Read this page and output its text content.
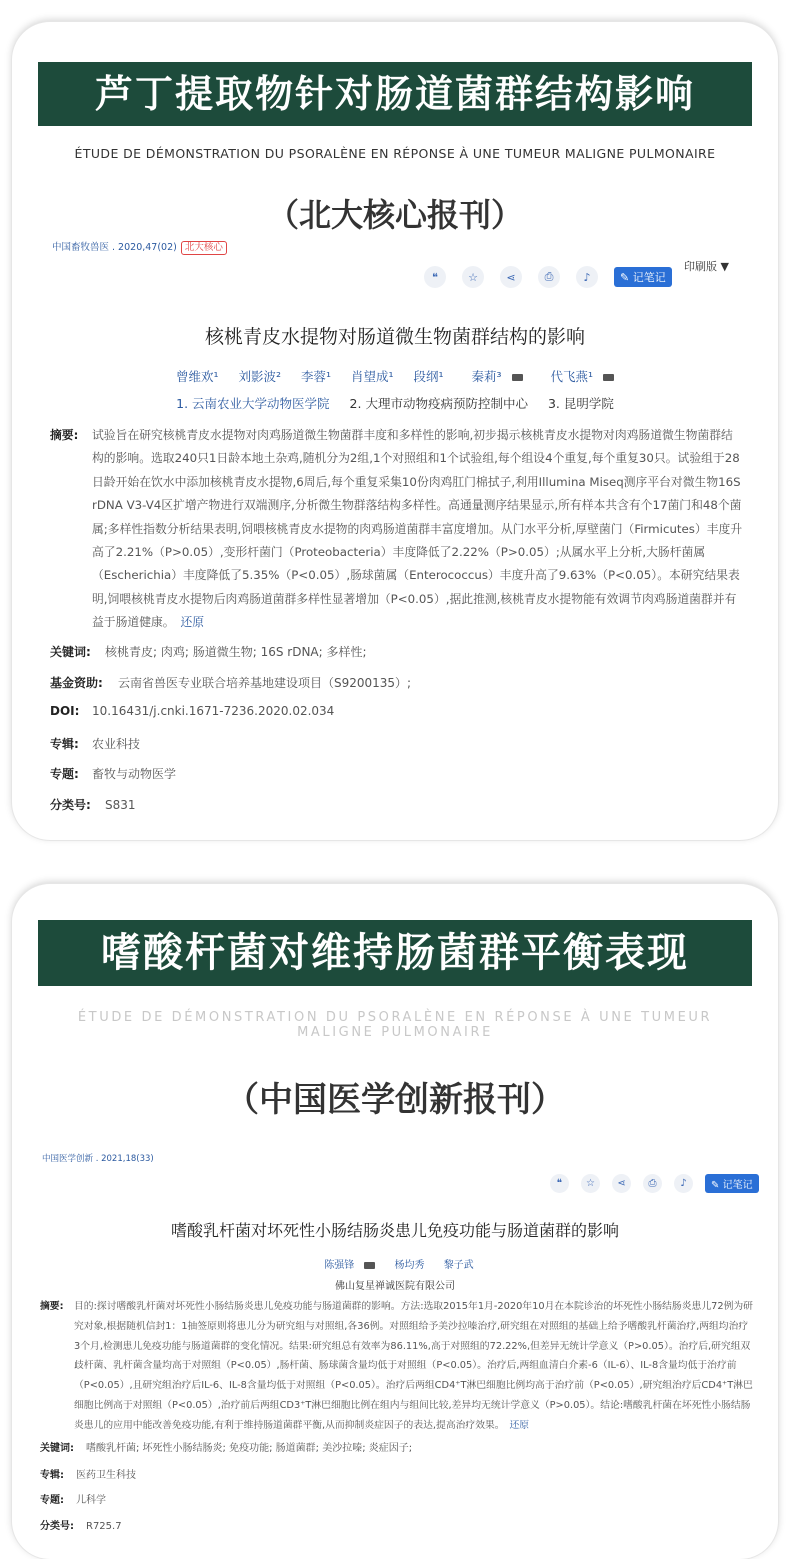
芦丁提取物针对肠道菌群结构影响
ÉTUDE DE DÉMONSTRATION DU PSORALÈNE EN RÉPONSE À UNE TUMEUR MALIGNE PULMONAIRE
（北大核心报刊）
中国畜牧兽医 . 2020,47(02) 北大核心
印刷版 ▼
❝	☆	⋖	⎙	♪	✎ 记笔记
核桃青皮水提物对肠道微生物菌群结构的影响
曾维欢¹ 刘影波² 李蓉¹ 肖望成¹ 段纲¹ 秦莉³	代飞燕¹
1. 云南农业大学动物医学院 2. 大理市动物疫病预防控制中心 3. 昆明学院
摘要:	试验旨在研究核桃青皮水提物对肉鸡肠道微生物菌群丰度和多样性的影响,初步揭示核桃青皮水提物对肉鸡肠道微生物菌群结构的影响。选取240只1日龄本地土杂鸡,随机分为2组,1个对照组和1个试验组,每个组设4个重复,每个重复30只。试验组于28日龄开始在饮水中添加核桃青皮水提物,6周后,每个重复采集10份肉鸡肛门棉拭子,利用Illumina Miseq测序平台对微生物16S rDNA V3-V4区扩增产物进行双端测序,分析微生物群落结构多样性。高通量测序结果显示,所有样本共含有个17菌门和48个菌属;多样性指数分析结果表明,饲喂核桃青皮水提物的肉鸡肠道菌群丰富度增加。从门水平分析,厚壁菌门（Firmicutes）丰度升高了2.21%（P>0.05）,变形杆菌门（Proteobacteria）丰度降低了2.22%（P>0.05）;从属水平上分析,大肠杆菌属（Escherichia）丰度降低了5.35%（P<0.05）,肠球菌属（Enterococcus）丰度升高了9.63%（P<0.05）。本研究结果表明,饲喂核桃青皮水提物后肉鸡肠道菌群多样性显著增加（P<0.05）,据此推测,核桃青皮水提物能有效调节肉鸡肠道菌群并有益于肠道健康。　 还原
关键词: 核桃青皮; 肉鸡; 肠道微生物; 16S rDNA; 多样性;
基金资助: 云南省兽医专业联合培养基地建设项目（S9200135）;
DOI: 10.16431/j.cnki.1671-7236.2020.02.034
专辑: 农业科技
专题: 畜牧与动物医学
分类号: S831
嗜酸杆菌对维持肠菌群平衡表现
ÉTUDE DE DÉMONSTRATION DU PSORALÈNE EN RÉPONSE À UNE TUMEUR MALIGNE PULMONAIRE
（中国医学创新报刊）
中国医学创新 . 2021,18(33)
❝	☆	⋖	⎙	♪	✎ 记笔记
嗜酸乳杆菌对坏死性小肠结肠炎患儿免疫功能与肠道菌群的影响
陈强锋	杨均秀 黎子武
佛山复星禅诚医院有限公司
摘要:	目的:探讨嗜酸乳杆菌对坏死性小肠结肠炎患儿免疫功能与肠道菌群的影响。方法:选取2015年1月-2020年10月在本院诊治的坏死性小肠结肠炎患儿72例为研究对象,根据随机信封1：1抽签原则将患儿分为研究组与对照组,各36例。对照组给予美沙拉嗪治疗,研究组在对照组的基础上给予嗜酸乳杆菌治疗,两组均治疗3个月,检测患儿免疫功能与肠道菌群的变化情况。结果:研究组总有效率为86.11%,高于对照组的72.22%,但差异无统计学意义（P>0.05）。治疗后,研究组双歧杆菌、乳杆菌含量均高于对照组（P<0.05）,肠杆菌、肠球菌含量均低于对照组（P<0.05）。治疗后,两组血清白介素-6（IL-6）、IL-8含量均低于治疗前（P<0.05）,且研究组治疗后IL-6、IL-8含量均低于对照组（P<0.05）。治疗后两组CD4⁺T淋巴细胞比例均高于治疗前（P<0.05）,研究组治疗后CD4⁺T淋巴细胞比例高于对照组（P<0.05）,治疗前后两组CD3⁺T淋巴细胞比例在组内与组间比较,差异均无统计学意义（P>0.05）。结论:嗜酸乳杆菌在坏死性小肠结肠炎患儿的应用中能改善免疫功能,有利于维持肠道菌群平衡,从而抑制炎症因子的表达,提高治疗效果。　 还原
关键词: 嗜酸乳杆菌; 坏死性小肠结肠炎; 免疫功能; 肠道菌群; 美沙拉嗪; 炎症因子;
专辑: 医药卫生科技
专题: 儿科学
分类号: R725.7
